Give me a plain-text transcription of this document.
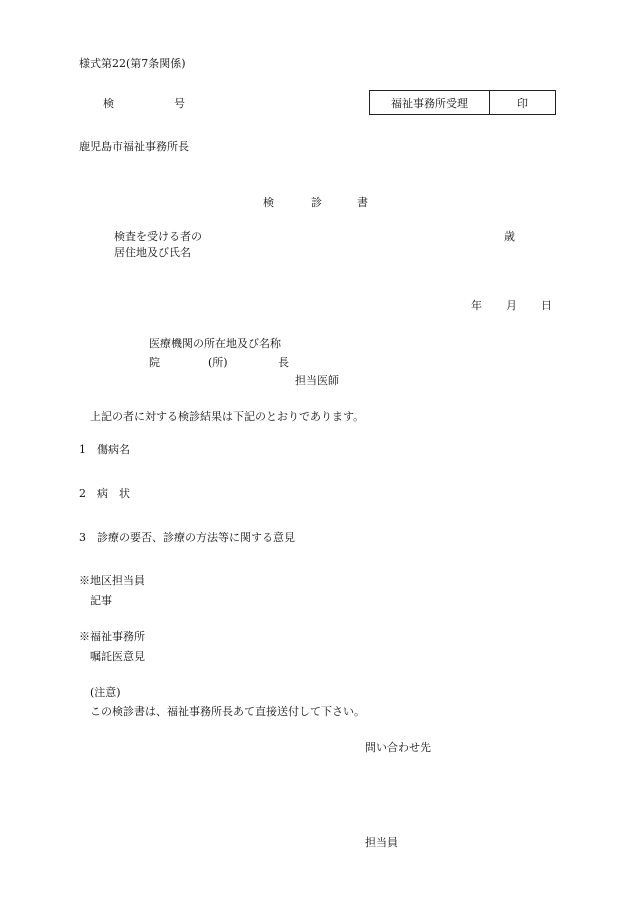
様式第22(第7条関係)
検	号	福祉事務所受理	印
鹿児島市福祉事務所長
検	診	書
検査を受ける者の
居住地及び氏名
歳
年 月 日
医療機関の所在地及び名称
院	(所)	長
担当医師
上記の者に対する検診結果は下記のとおりであります。
1 傷病名
2 病　状
3 診療の要否、診療の方法等に関する意見
※地区担当員
記事
※福祉事務所
嘱託医意見
(注意)
この検診書は、福祉事務所長あて直接送付して下さい。
問い合わせ先
担当員
